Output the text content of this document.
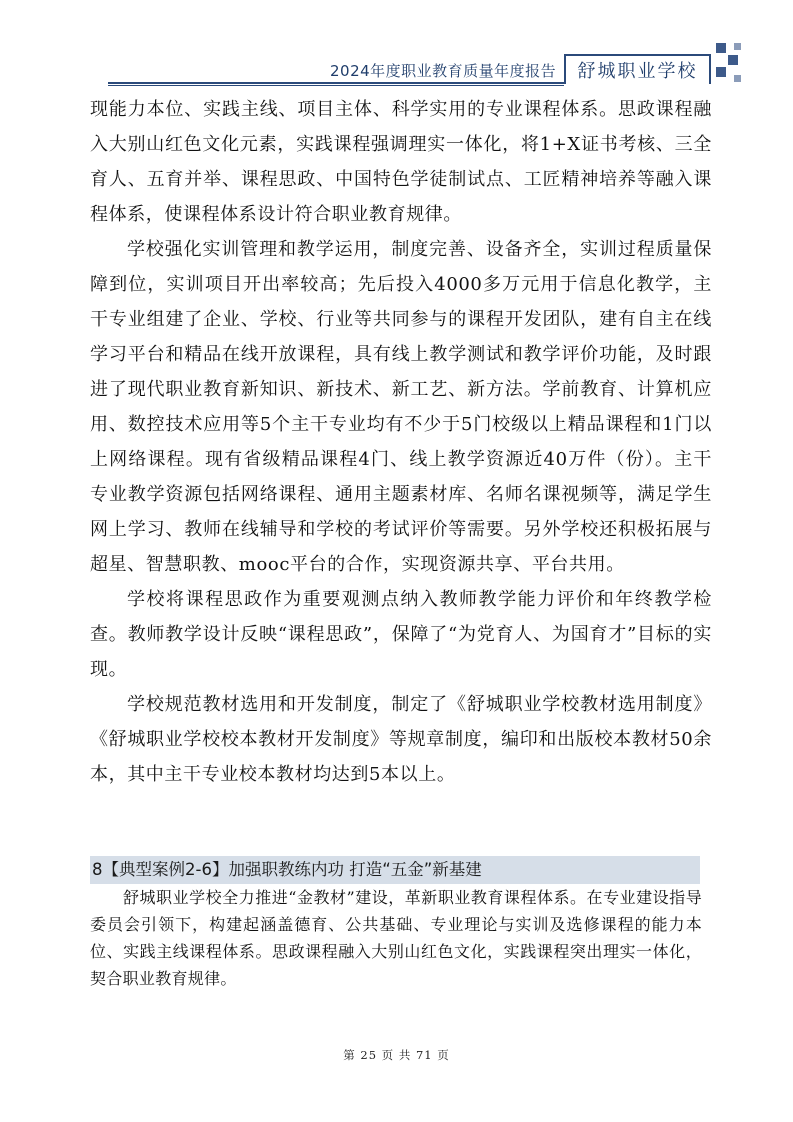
2024年度职业教育质量年度报告	舒城职业学校

现能力本位、实践主线、项目主体、科学实用的专业课程体系。思政课程融入大别山红色文化元素，实践课程强调理实一体化，将1+X证书考核、三全育人、五育并举、课程思政、中国特色学徒制试点、工匠精神培养等融入课程体系，使课程体系设计符合职业教育规律。

学校强化实训管理和教学运用，制度完善、设备齐全，实训过程质量保障到位，实训项目开出率较高；先后投入4000多万元用于信息化教学，主干专业组建了企业、学校、行业等共同参与的课程开发团队，建有自主在线学习平台和精品在线开放课程，具有线上教学测试和教学评价功能，及时跟进了现代职业教育新知识、新技术、新工艺、新方法。学前教育、计算机应用、数控技术应用等5个主干专业均有不少于5门校级以上精品课程和1门以上网络课程。现有省级精品课程4门、线上教学资源近40万件（份）。主干专业教学资源包括网络课程、通用主题素材库、名师名课视频等，满足学生网上学习、教师在线辅导和学校的考试评价等需要。另外学校还积极拓展与超星、智慧职教、mooc平台的合作，实现资源共享、平台共用。

学校将课程思政作为重要观测点纳入教师教学能力评价和年终教学检查。教师教学设计反映“课程思政”，保障了“为党育人、为国育才”目标的实现。

学校规范教材选用和开发制度，制定了《舒城职业学校教材选用制度》《舒城职业学校校本教材开发制度》等规章制度，编印和出版校本教材50余本，其中主干专业校本教材均达到5本以上。

8【典型案例2-6】加强职教练内功 打造“五金”新基建

舒城职业学校全力推进“金教材”建设，革新职业教育课程体系。在专业建设指导委员会引领下，构建起涵盖德育、公共基础、专业理论与实训及选修课程的能力本位、实践主线课程体系。思政课程融入大别山红色文化，实践课程突出理实一体化，契合职业教育规律。

第 25 页 共 71 页
